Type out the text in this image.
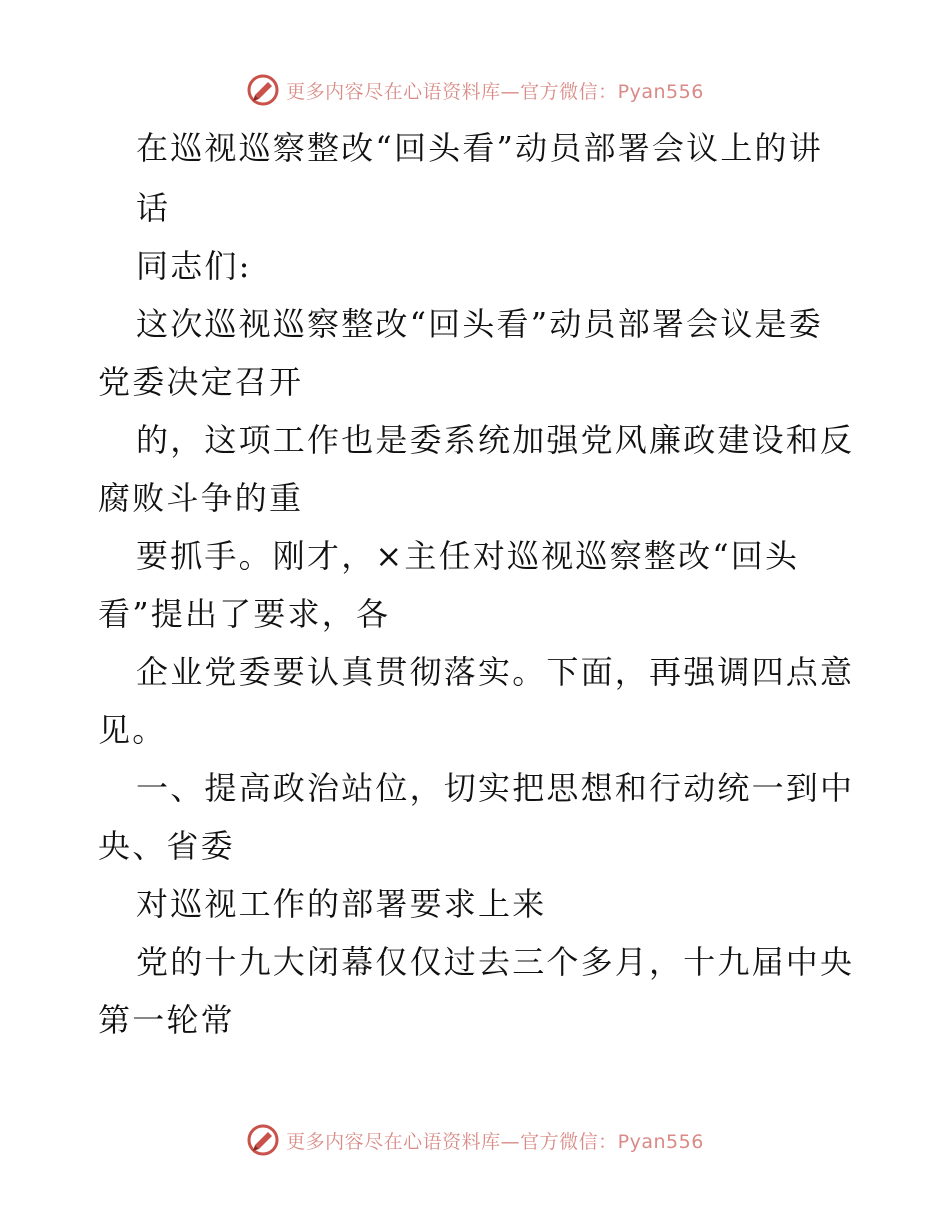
更多内容尽在心语资料库—官方微信：Pyan556
在巡视巡察整改“回头看”动员部署会议上的讲
话
同志们:
这次巡视巡察整改“回头看”动员部署会议是委
党委决定召开
的，这项工作也是委系统加强党风廉政建设和反
腐败斗争的重
要抓手。刚才，×主任对巡视巡察整改“回头
看”提出了要求，各
企业党委要认真贯彻落实。下面，再强调四点意
见。
一、提高政治站位，切实把思想和行动统一到中
央、省委
对巡视工作的部署要求上来
党的十九大闭幕仅仅过去三个多月，十九届中央
第一轮常
更多内容尽在心语资料库—官方微信：Pyan556
